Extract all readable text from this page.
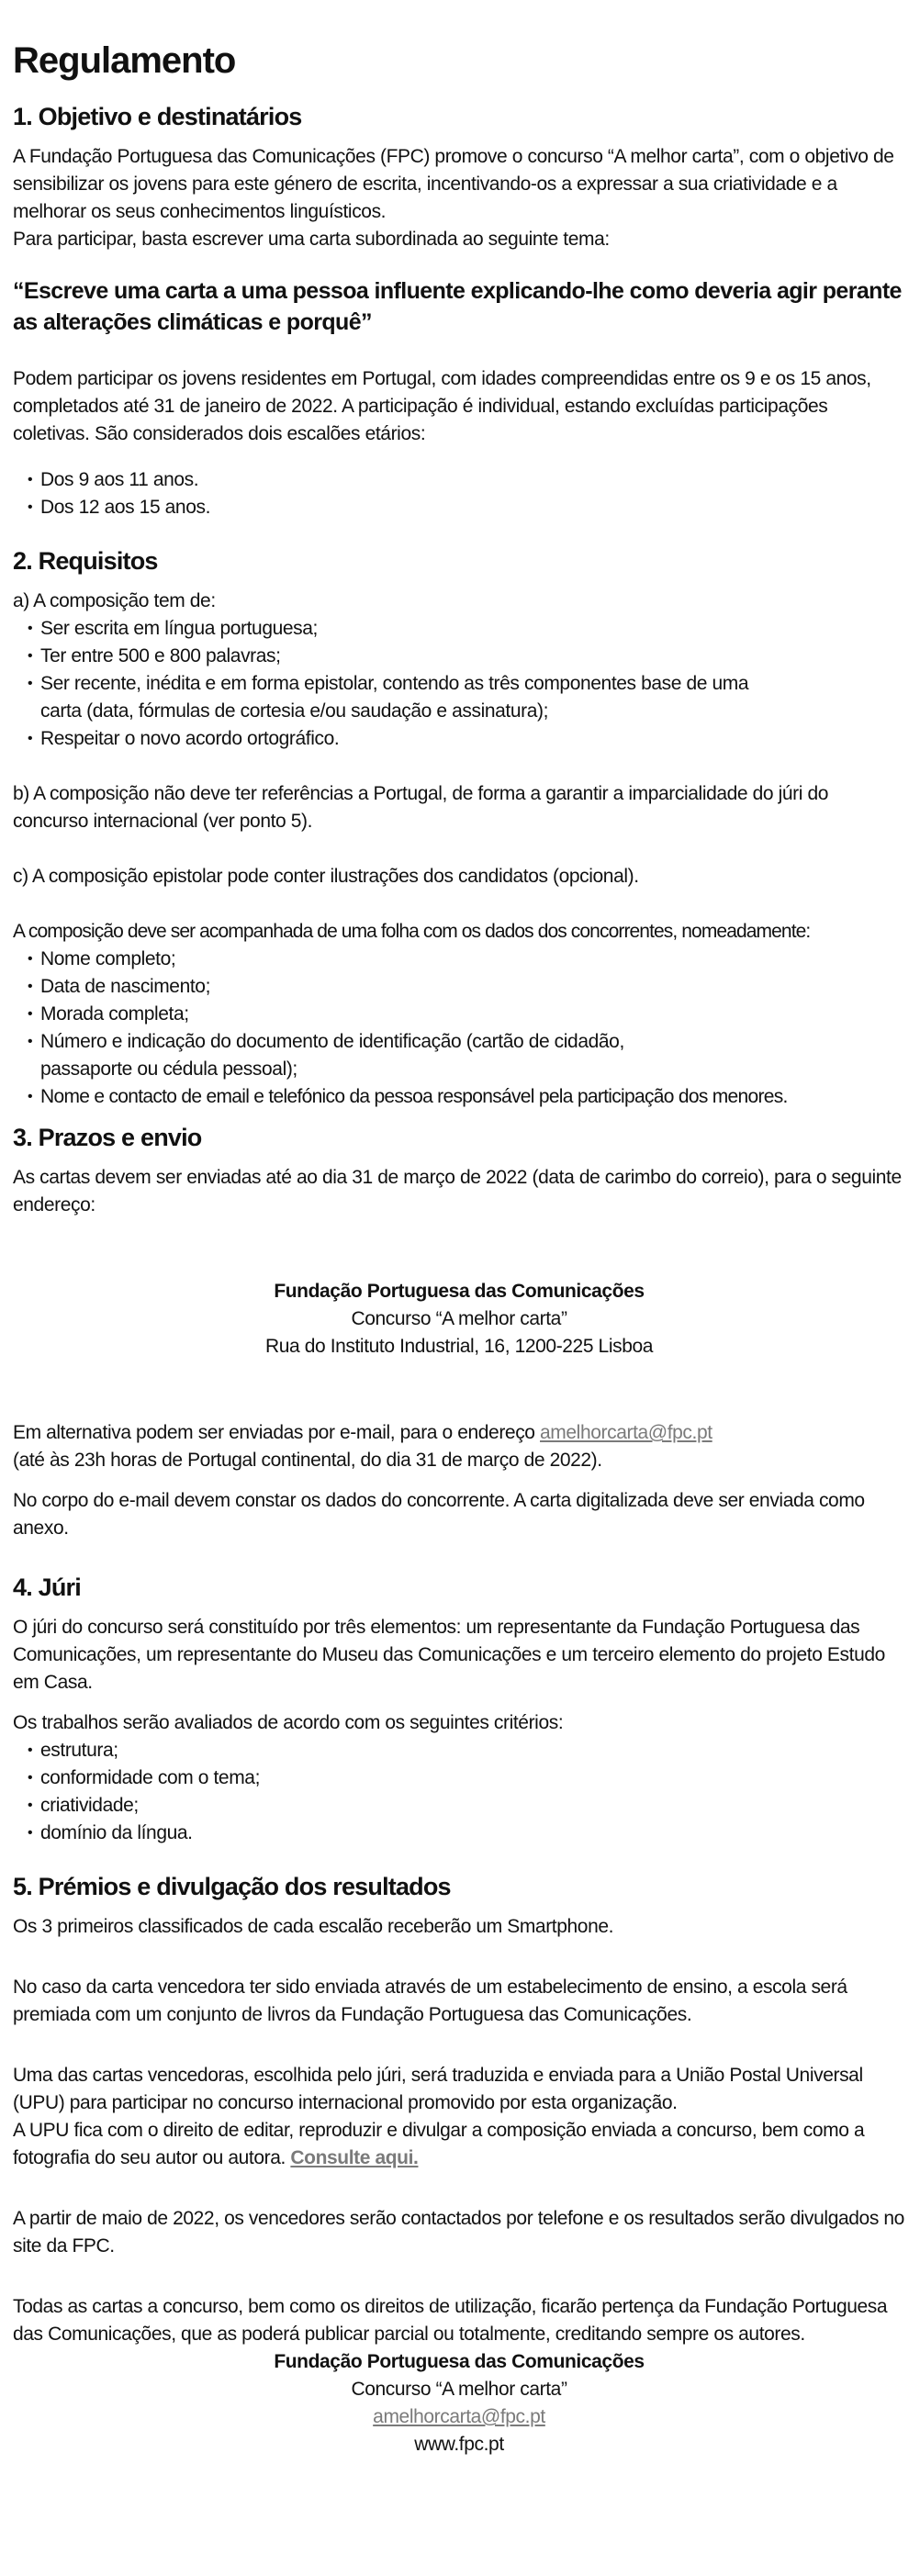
Regulamento
1. Objetivo e destinatários

A Fundação Portuguesa das Comunicações (FPC) promove o concurso “A melhor carta”, com o objetivo de sensibilizar os jovens para este género de escrita, incentivando-os a expressar a sua criatividade e a melhorar os seus conhecimentos linguísticos.

Para participar, basta escrever uma carta subordinada ao seguinte tema:

“Escreve uma carta a uma pessoa influente explicando-lhe como deveria agir perante as alterações climáticas e porquê”

Podem participar os jovens residentes em Portugal, com idades compreendidas entre os 9 e os 15 anos, completados até 31 de janeiro de 2022. A participação é individual, estando excluídas participações coletivas. São considerados dois escalões etários:

• Dos 9 aos 11 anos.
• Dos 12 aos 15 anos.
2. Requisitos

a) A composição tem de:

• Ser escrita em língua portuguesa;
• Ter entre 500 e 800 palavras;
• Ser recente, inédita e em forma epistolar, contendo as três componentes base de uma carta (data, fórmulas de cortesia e/ou saudação e assinatura);
• Respeitar o novo acordo ortográfico.

b) A composição não deve ter referências a Portugal, de forma a garantir a imparcialidade do júri do concurso internacional (ver ponto 5).

c) A composição epistolar pode conter ilustrações dos candidatos (opcional).

A composição deve ser acompanhada de uma folha com os dados dos concorrentes, nomeadamente:

• Nome completo;
• Data de nascimento;
• Morada completa;
• Número e indicação do documento de identificação (cartão de cidadão, passaporte ou cédula pessoal);
• Nome e contacto de email e telefónico da pessoa responsável pela participação dos menores.
3. Prazos e envio

As cartas devem ser enviadas até ao dia 31 de março de 2022 (data de carimbo do correio), para o seguinte endereço:

Fundação Portuguesa das Comunicações

Concurso “A melhor carta”

Rua do Instituto Industrial, 16, 1200-225 Lisboa

Em alternativa podem ser enviadas por e-mail, para o endereço amelhorcarta@fpc.pt

(até às 23h horas de Portugal continental, do dia 31 de março de 2022).

No corpo do e-mail devem constar os dados do concorrente. A carta digitalizada deve ser enviada como anexo.

4. Júri

O júri do concurso será constituído por três elementos: um representante da Fundação Portuguesa das Comunicações, um representante do Museu das Comunicações e um terceiro elemento do projeto Estudo em Casa.

Os trabalhos serão avaliados de acordo com os seguintes critérios:

• estrutura;
• conformidade com o tema;
• criatividade;
• domínio da língua.
5. Prémios e divulgação dos resultados

Os 3 primeiros classificados de cada escalão receberão um Smartphone.

No caso da carta vencedora ter sido enviada através de um estabelecimento de ensino, a escola será premiada com um conjunto de livros da Fundação Portuguesa das Comunicações.

Uma das cartas vencedoras, escolhida pelo júri, será traduzida e enviada para a União Postal Universal (UPU) para participar no concurso internacional promovido por esta organização.

A UPU fica com o direito de editar, reproduzir e divulgar a composição enviada a concurso, bem como a fotografia do seu autor ou autora. Consulte aqui.

A partir de maio de 2022, os vencedores serão contactados por telefone e os resultados serão divulgados no site da FPC.

Todas as cartas a concurso, bem como os direitos de utilização, ficarão pertença da Fundação Portuguesa das Comunicações, que as poderá publicar parcial ou totalmente, creditando sempre os autores.

Fundação Portuguesa das Comunicações

Concurso “A melhor carta”

amelhorcarta@fpc.pt

www.fpc.pt
